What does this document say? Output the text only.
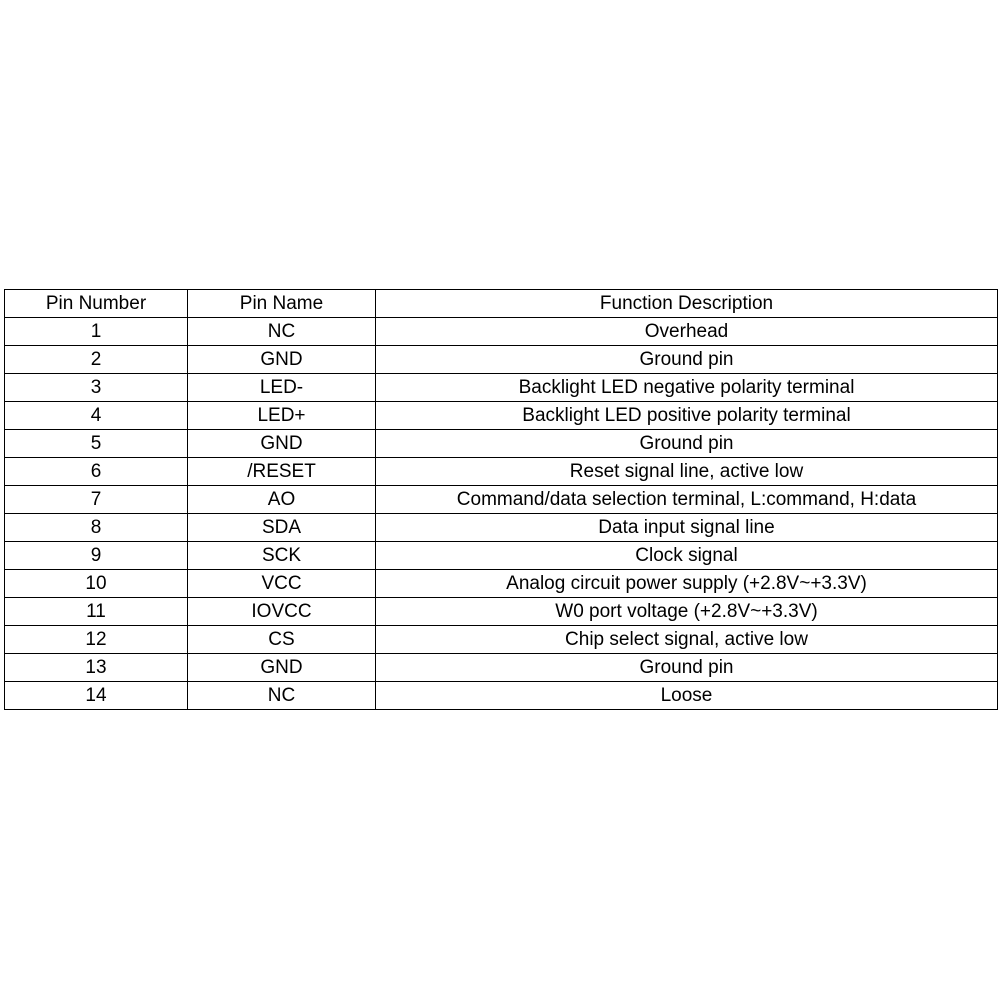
Pin Number	Pin Name	Function Description
1	NC	Overhead
2	GND	Ground pin
3	LED-	Backlight LED negative polarity terminal
4	LED+	Backlight LED positive polarity terminal
5	GND	Ground pin
6	/RESET	Reset signal line, active low
7	AO	Command/data selection terminal, L:command, H:data
8	SDA	Data input signal line
9	SCK	Clock signal
10	VCC	Analog circuit power supply (+2.8V~+3.3V)
11	IOVCC	W0 port voltage (+2.8V~+3.3V)
12	CS	Chip select signal, active low
13	GND	Ground pin
14	NC	Loose
